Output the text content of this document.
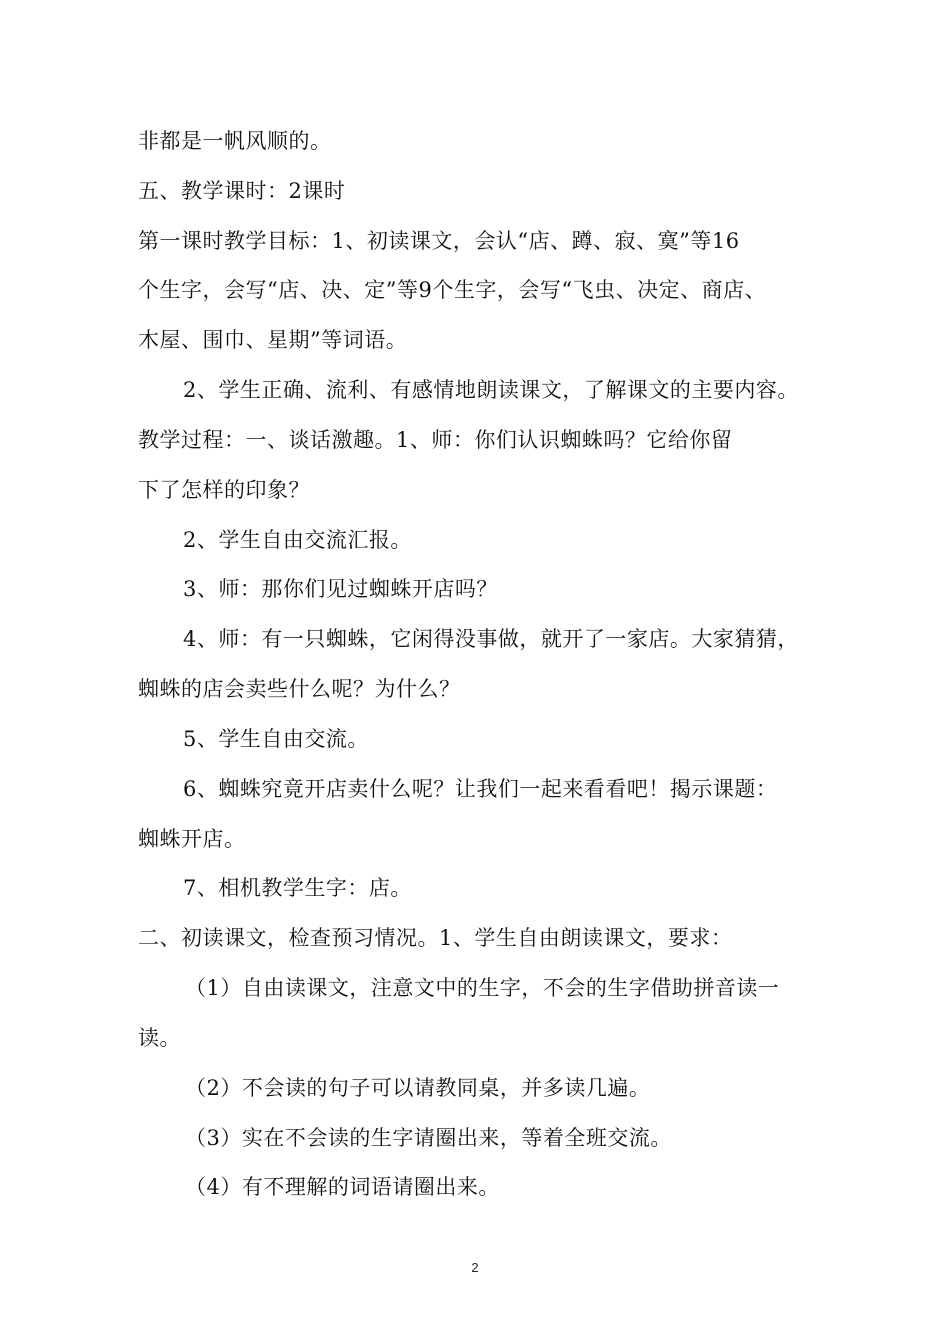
非都是一帆风顺的。
五、教学课时：2课时
第一课时教学目标：1、初读课文，会认“店、蹲、寂、寞”等16
个生字，会写“店、决、定”等9个生字，会写“飞虫、决定、商店、
木屋、围巾、星期”等词语。
2、学生正确、流利、有感情地朗读课文，了解课文的主要内容。
教学过程：一、谈话激趣。1、师：你们认识蜘蛛吗？它给你留
下了怎样的印象？
2、学生自由交流汇报。
3、师：那你们见过蜘蛛开店吗？
4、师：有一只蜘蛛，它闲得没事做，就开了一家店。大家猜猜，
蜘蛛的店会卖些什么呢？为什么？
5、学生自由交流。
6、蜘蛛究竟开店卖什么呢？让我们一起来看看吧！揭示课题：
蜘蛛开店。
7、相机教学生字：店。
二、初读课文，检查预习情况。1、学生自由朗读课文，要求：
（1）自由读课文，注意文中的生字，不会的生字借助拼音读一
读。
（2）不会读的句子可以请教同桌，并多读几遍。
（3）实在不会读的生字请圈出来，等着全班交流。
（4）有不理解的词语请圈出来。
2
